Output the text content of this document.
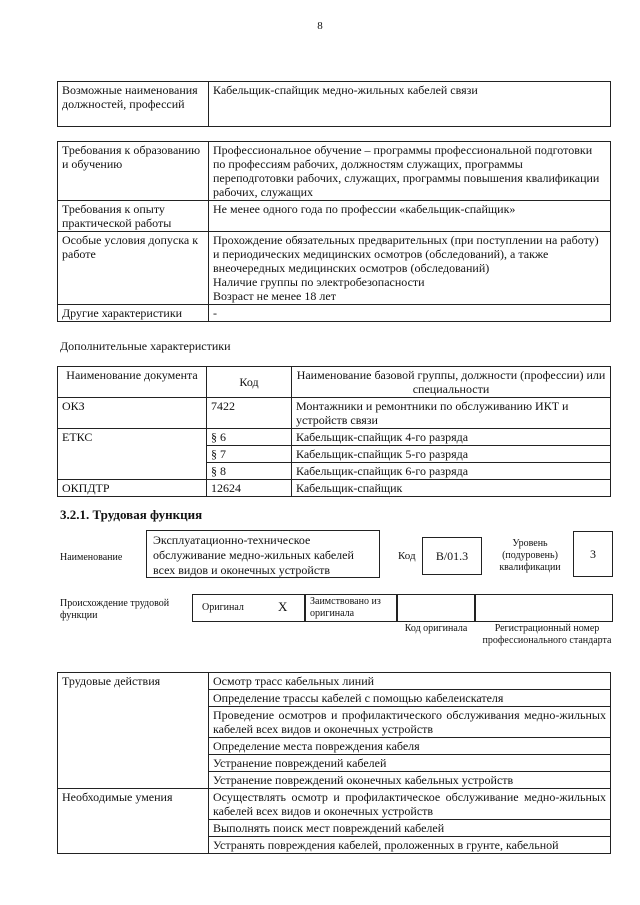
8
Возможные наименования должностей, профессий	Кабельщик-спайщик медно-жильных кабелей связи
Требования к образованию и обучению	Профессиональное обучение – программы профессиональной подготовки по профессиям рабочих, должностям служащих, программы переподготовки рабочих, служащих, программы повышения квалификации рабочих, служащих
Требования к опыту практической работы	Не менее одного года по профессии «кабельщик-спайщик»
Особые условия допуска к работе	Прохождение обязательных предварительных (при поступлении на работу) и периодических медицинских осмотров (обследований), а также внеочередных медицинских осмотров (обследований)
Наличие группы по электробезопасности
Возраст не менее 18 лет

Другие характеристики	-
Дополнительные характеристики
Наименование документа	Код	Наименование базовой группы, должности (профессии) или специальности
ОКЗ	7422	Монтажники и ремонтники по обслуживанию ИКТ и устройств связи
ЕТКС	§ 6	Кабельщик-спайщик 4-го разряда
	§ 7	Кабельщик-спайщик 5-го разряда
	§ 8	Кабельщик-спайщик 6-го разряда
ОКПДТР	12624	Кабельщик-спайщик
3.2.1. Трудовая функция
Наименование
Эксплуатационно-техническое обслуживание медно-жильных кабелей всех видов и оконечных устройств
Код	В/01.3
Уровень (подуровень) квалификации
3
Происхождение трудовой функции
Оригинал	X Заимствовано из оригинала
Код оригинала	Регистрационный номер профессионального стандарта
Трудовые действия	Осмотр трасс кабельных линий
	Определение трассы кабелей с помощью кабелеискателя
	Проведение осмотров и профилактического обслуживания медно-жильных кабелей всех видов и оконечных устройств
	Определение места повреждения кабеля
	Устранение повреждений кабелей
	Устранение повреждений оконечных кабельных устройств
Необходимые умения	Осуществлять осмотр и профилактическое обслуживание медно-жильных кабелей всех видов и оконечных устройств
	Выполнять поиск мест повреждений кабелей
	Устранять повреждения кабелей, проложенных в грунте, кабельной
